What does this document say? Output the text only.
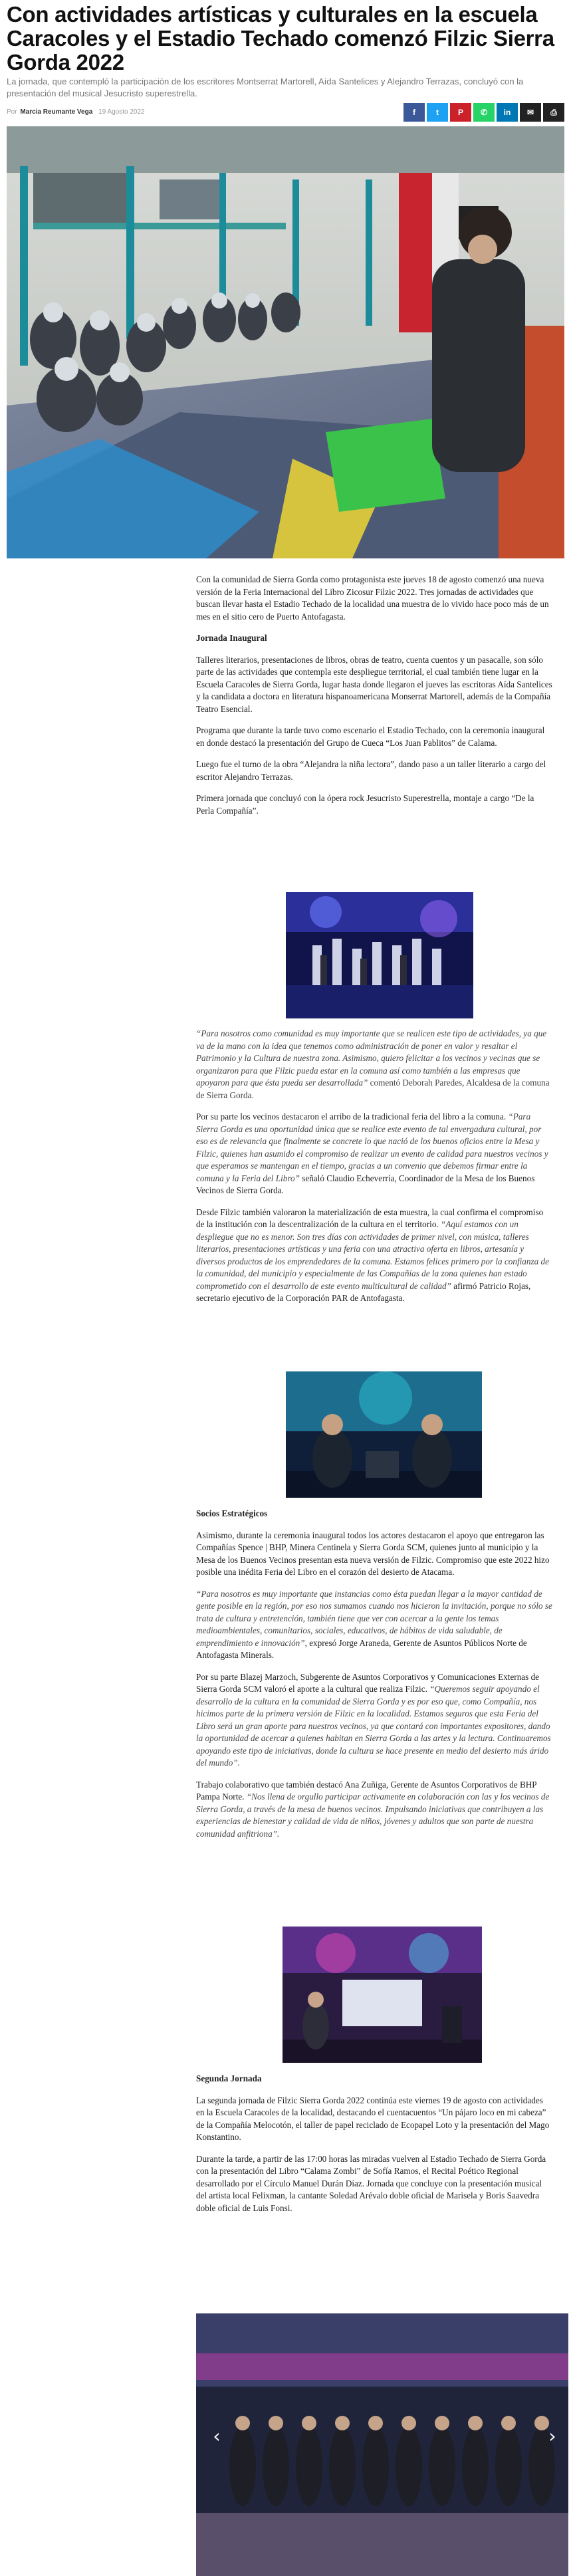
Con actividades artísticas y culturales en la escuela Caracoles y el Estadio Techado comenzó Filzic Sierra Gorda 2022

La jornada, que contempló la participación de los escritores Montserrat Martorell, Aída Santelices y Alejandro Terrazas, concluyó con la presentación del musical Jesucristo superestrella.

Por Marcia Reumante Vega 19 Agosto 2022	f	t	P	✆	in	✉	⎙

Con la comunidad de Sierra Gorda como protagonista este jueves 18 de agosto comenzó una nueva versión de la Feria Internacional del Libro Zicosur Filzic 2022. Tres jornadas de actividades que buscan llevar hasta el Estadio Techado de la localidad una muestra de lo vivido hace poco más de un mes en el sitio cero de Puerto Antofagasta.

Jornada Inaugural

Talleres literarios, presentaciones de libros, obras de teatro, cuenta cuentos y un pasacalle, son sólo parte de las actividades que contempla este despliegue territorial, el cual también tiene lugar en la Escuela Caracoles de Sierra Gorda, lugar hasta donde llegaron el jueves las escritoras Aída Santelices y la candidata a doctora en literatura hispanoamericana Monserrat Martorell, además de la Compañía Teatro Esencial.

Programa que durante la tarde tuvo como escenario el Estadio Techado, con la ceremonia inaugural en donde destacó la presentación del Grupo de Cueca “Los Juan Pablitos” de Calama.

Luego fue el turno de la obra “Alejandra la niña lectora”, dando paso a un taller literario a cargo del escritor Alejandro Terrazas.

Primera jornada que concluyó con la ópera rock Jesucristo Superestrella, montaje a cargo “De la Perla Compañía”.

“Para nosotros como comunidad es muy importante que se realicen este tipo de actividades, ya que va de la mano con la idea que tenemos como administración de poner en valor y resaltar el Patrimonio y la Cultura de nuestra zona. Asimismo, quiero felicitar a los vecinos y vecinas que se organizaron para que Filzic pueda estar en la comuna así como también a las empresas que apoyaron para que ésta pueda ser desarrollada” comentó Deborah Paredes, Alcaldesa de la comuna de Sierra Gorda.

Por su parte los vecinos destacaron el arribo de la tradicional feria del libro a la comuna. “Para Sierra Gorda es una oportunidad única que se realice este evento de tal envergadura cultural, por eso es de relevancia que finalmente se concrete lo que nació de los buenos oficios entre la Mesa y Filzic, quienes han asumido el compromiso de realizar un evento de calidad para nuestros vecinos y que esperamos se mantengan en el tiempo, gracias a un convenio que debemos firmar entre la comuna y la Feria del Libro” señaló Claudio Echeverría, Coordinador de la Mesa de los Buenos Vecinos de Sierra Gorda.

Desde Filzic también valoraron la materialización de esta muestra, la cual confirma el compromiso de la institución con la descentralización de la cultura en el territorio. “Aquí estamos con un despliegue que no es menor. Son tres días con actividades de primer nivel, con música, talleres literarios, presentaciones artísticas y una feria con una atractiva oferta en libros, artesanía y diversos productos de los emprendedores de la comuna. Estamos felices primero por la confianza de la comunidad, del municipio y especialmente de las Compañías de la zona quienes han estado comprometido con el desarrollo de este evento multicultural de calidad” afirmó Patricio Rojas, secretario ejecutivo de la Corporación PAR de Antofagasta.

Socios Estratégicos

Asimismo, durante la ceremonia inaugural todos los actores destacaron el apoyo que entregaron las Compañías Spence | BHP, Minera Centinela y Sierra Gorda SCM, quienes junto al municipio y la Mesa de los Buenos Vecinos presentan esta nueva versión de Filzic. Compromiso que este 2022 hizo posible una inédita Feria del Libro en el corazón del desierto de Atacama.

“Para nosotros es muy importante que instancias como ésta puedan llegar a la mayor cantidad de gente posible en la región, por eso nos sumamos cuando nos hicieron la invitación, porque no sólo se trata de cultura y entretención, también tiene que ver con acercar a la gente los temas medioambientales, comunitarios, sociales, educativos, de hábitos de vida saludable, de emprendimiento e innovación”, expresó Jorge Araneda, Gerente de Asuntos Públicos Norte de Antofagasta Minerals.

Por su parte Blazej Marzoch, Subgerente de Asuntos Corporativos y Comunicaciones Externas de Sierra Gorda SCM valoró el aporte a la cultural que realiza Filzic. “Queremos seguir apoyando el desarrollo de la cultura en la comunidad de Sierra Gorda y es por eso que, como Compañía, nos hicimos parte de la primera versión de Filzic en la localidad. Estamos seguros que esta Feria del Libro será un gran aporte para nuestros vecinos, ya que contará con importantes expositores, dando la oportunidad de acercar a quienes habitan en Sierra Gorda a las artes y la lectura. Continuaremos apoyando este tipo de iniciativas, donde la cultura se hace presente en medio del desierto más árido del mundo”.

Trabajo colaborativo que también destacó Ana Zuñiga, Gerente de Asuntos Corporativos de BHP Pampa Norte. “Nos llena de orgullo participar activamente en colaboración con las y los vecinos de Sierra Gorda, a través de la mesa de buenos vecinos. Impulsando iniciativas que contribuyen a las experiencias de bienestar y calidad de vida de niños, jóvenes y adultos que son parte de nuestra comunidad anfitriona”.

Segunda Jornada

La segunda jornada de Filzic Sierra Gorda 2022 continúa este viernes 19 de agosto con actividades en la Escuela Caracoles de la localidad, destacando el cuentacuentos “Un pájaro loco en mi cabeza” de la Compañía Melocotón, el taller de papel reciclado de Ecopapel Loto y la presentación del Mago Konstantino.

Durante la tarde, a partir de las 17:00 horas las miradas vuelven al Estadio Techado de Sierra Gorda con la presentación del Libro “Calama Zombi” de Sofía Ramos, el Recital Poético Regional desarrollado por el Círculo Manuel Durán Díaz. Jornada que concluye con la presentación musical del artista local Felixman, la cantante Soledad Arévalo doble oficial de Marisela y Boris Saavedra doble oficial de Luis Fonsi.

‹	›
